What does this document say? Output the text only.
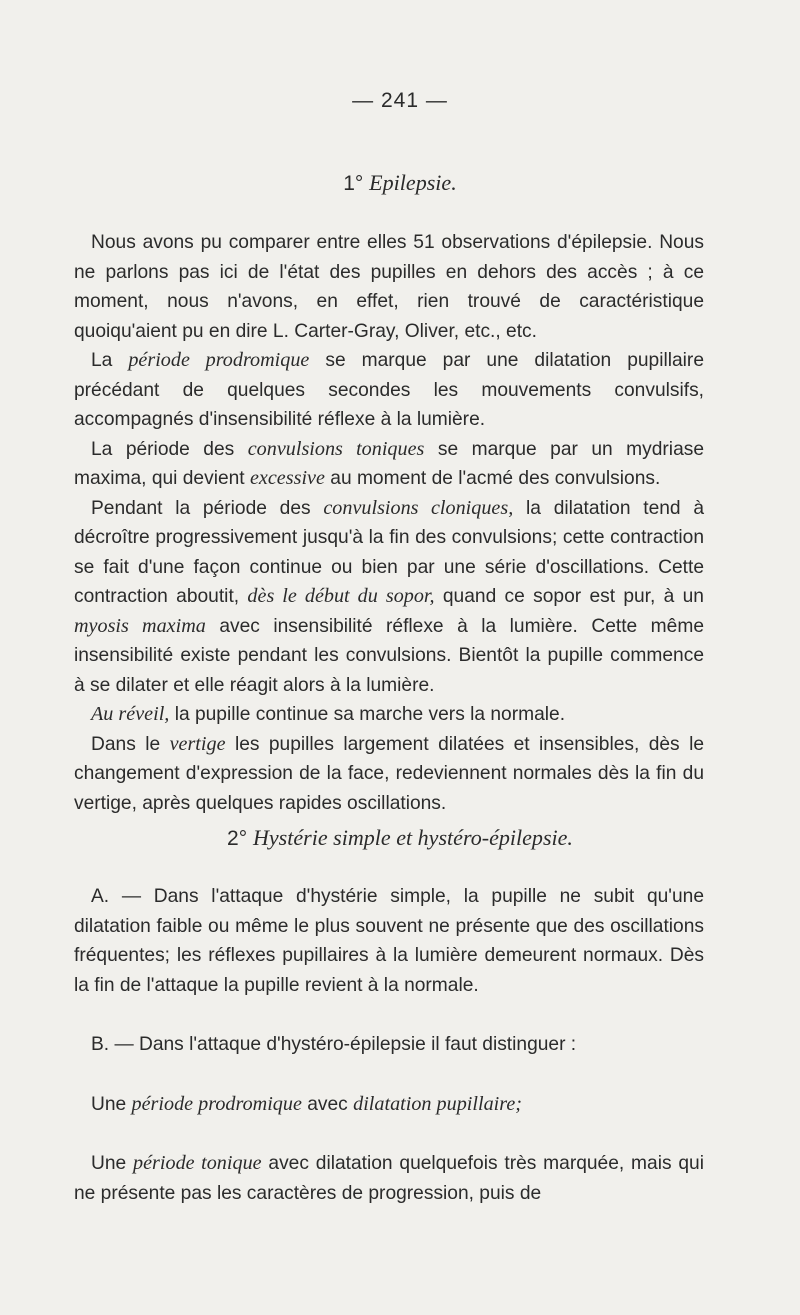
— 241 —
1° Epilepsie.

Nous avons pu comparer entre elles 51 observations d'épilepsie. Nous ne parlons pas ici de l'état des pupilles en dehors des accès ; à ce moment, nous n'avons, en effet, rien trouvé de caractéristique quoiqu'aient pu en dire L. Carter-Gray, Oliver, etc., etc.

La période prodromique se marque par une dilatation pupillaire précédant de quelques secondes les mouvements convulsifs, accompagnés d'insensibilité réflexe à la lumière.

La période des convulsions toniques se marque par un mydriase maxima, qui devient excessive au moment de l'acmé des convulsions.

Pendant la période des convulsions cloniques, la dilatation tend à décroître progressivement jusqu'à la fin des convulsions; cette contraction se fait d'une façon continue ou bien par une série d'oscillations. Cette contraction aboutit, dès le début du sopor, quand ce sopor est pur, à un myosis maxima avec insensibilité réflexe à la lumière. Cette même insensibilité existe pendant les convulsions. Bientôt la pupille commence à se dilater et elle réagit alors à la lumière.

Au réveil, la pupille continue sa marche vers la normale.

Dans le vertige les pupilles largement dilatées et insensibles, dès le changement d'expression de la face, redeviennent normales dès la fin du vertige, après quelques rapides oscillations.

2° Hystérie simple et hystéro-épilepsie.

A. — Dans l'attaque d'hystérie simple, la pupille ne subit qu'une dilatation faible ou même le plus souvent ne présente que des oscillations fréquentes; les réflexes pupillaires à la lumière demeurent normaux. Dès la fin de l'attaque la pupille revient à la normale.

B. — Dans l'attaque d'hystéro-épilepsie il faut distinguer :

Une période prodromique avec dilatation pupillaire;

Une période tonique avec dilatation quelquefois très marquée, mais qui ne présente pas les caractères de progression, puis de
